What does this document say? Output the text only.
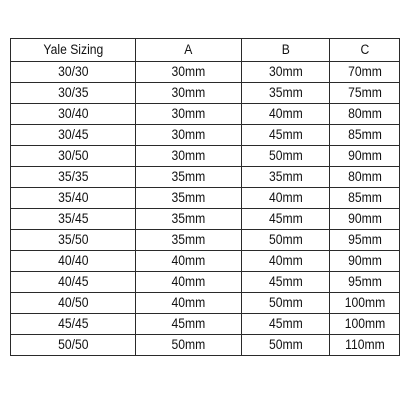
Yale Sizing	A	B	C
30/30	30mm	30mm	70mm
30/35	30mm	35mm	75mm
30/40	30mm	40mm	80mm
30/45	30mm	45mm	85mm
30/50	30mm	50mm	90mm
35/35	35mm	35mm	80mm
35/40	35mm	40mm	85mm
35/45	35mm	45mm	90mm
35/50	35mm	50mm	95mm
40/40	40mm	40mm	90mm
40/45	40mm	45mm	95mm
40/50	40mm	50mm	100mm
45/45	45mm	45mm	100mm
50/50	50mm	50mm	110mm
